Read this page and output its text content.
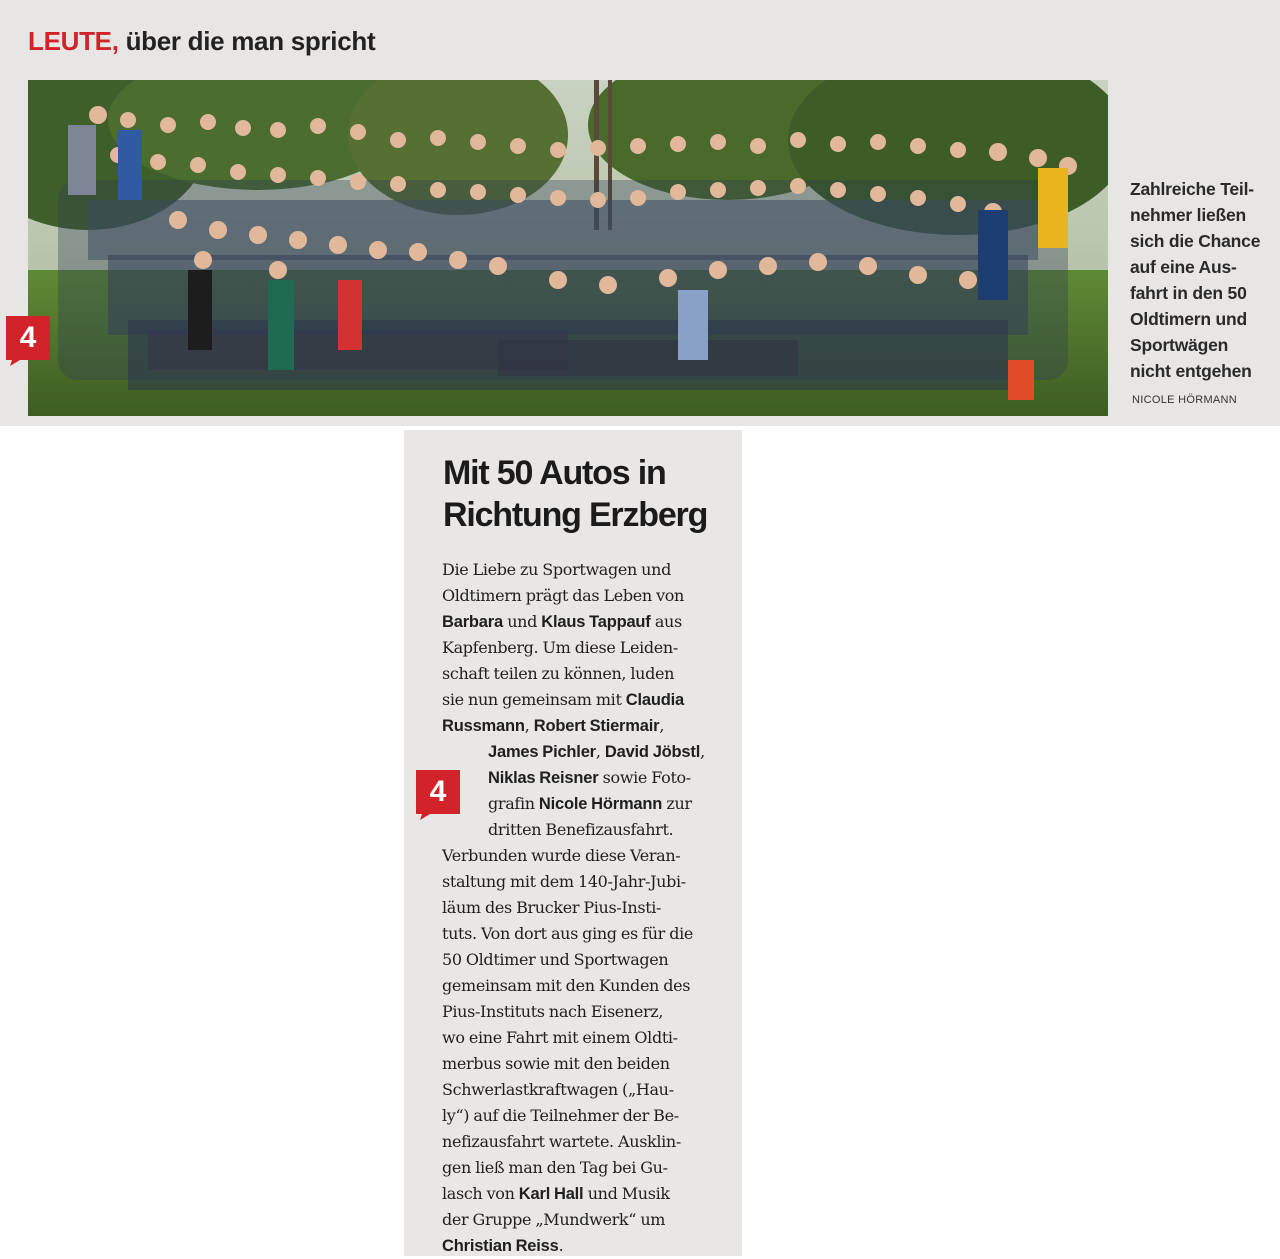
LEUTE, über die man spricht
4
Zahlreiche Teil-
nehmer ließen
sich die Chance
auf eine Aus-
fahrt in den 50
Oldtimern und
Sportwägen
nicht entgehen
NICOLE HÖRMANN
Mit 50 Autos in
Richtung Erzberg
4
Die Liebe zu Sportwagen und
Oldtimern prägt das Leben von
Barbara und Klaus Tappauf aus
Kapfenberg. Um diese Leiden-
schaft teilen zu können, luden
sie nun gemeinsam mit Claudia
Russmann, Robert Stiermair,
James Pichler, David Jöbstl,
Niklas Reisner sowie Foto-
grafin Nicole Hörmann zur
dritten Benefizausfahrt.
Verbunden wurde diese Veran-
staltung mit dem 140-Jahr-Jubi-
läum des Brucker Pius-Insti-
tuts. Von dort aus ging es für die
50 Oldtimer und Sportwagen
gemeinsam mit den Kunden des
Pius-Instituts nach Eisenerz,
wo eine Fahrt mit einem Oldti-
merbus sowie mit den beiden
Schwerlastkraftwagen („Hau-
ly“) auf die Teilnehmer der Be-
nefizausfahrt wartete. Ausklin-
gen ließ man den Tag bei Gu-
lasch von Karl Hall und Musik
der Gruppe „Mundwerk“ um
Christian Reiss.
